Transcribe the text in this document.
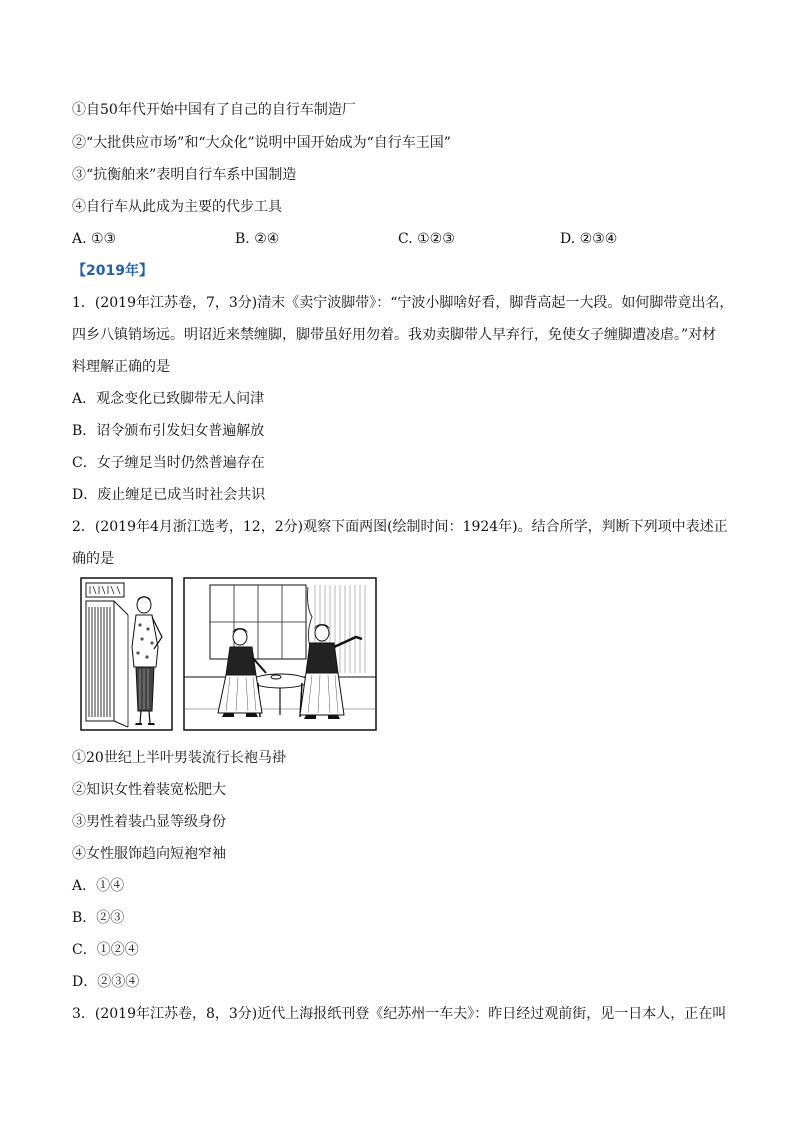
①自50年代开始中国有了自己的自行车制造厂
②“大批供应市场”和“大众化”说明中国开始成为“自行车王国”
③“抗衡舶来”表明自行车系中国制造
④自行车从此成为主要的代步工具
A. ①③	B. ②④	C. ①②③	D. ②③④
【2019年】
1．(2019年江苏卷，7，3分)清末《卖宁波脚带》：“宁波小脚啥好看，脚背高起一大段。如何脚带竟出名，
四乡八镇销场远。明诏近来禁缠脚，脚带虽好用勿着。我劝卖脚带人早弃行，免使女子缠脚遭凌虐。”对材
料理解正确的是
A．观念变化已致脚带无人问津
B．诏令颁布引发妇女普遍解放
C．女子缠足当时仍然普遍存在
D．废止缠足已成当时社会共识
2．(2019年4月浙江选考，12，2分)观察下面两图(绘制时间：1924年)。结合所学，判断下列项中表述正
确的是
①20世纪上半叶男装流行长袍马褂
②知识女性着装宽松肥大
③男性着装凸显等级身份
④女性服饰趋向短袍窄袖
A．①④
B．②③
C．①②④
D．②③④
3．(2019年江苏卷，8，3分)近代上海报纸刊登《纪苏州一车夫》：昨日经过观前街，见一日本人，正在叫
